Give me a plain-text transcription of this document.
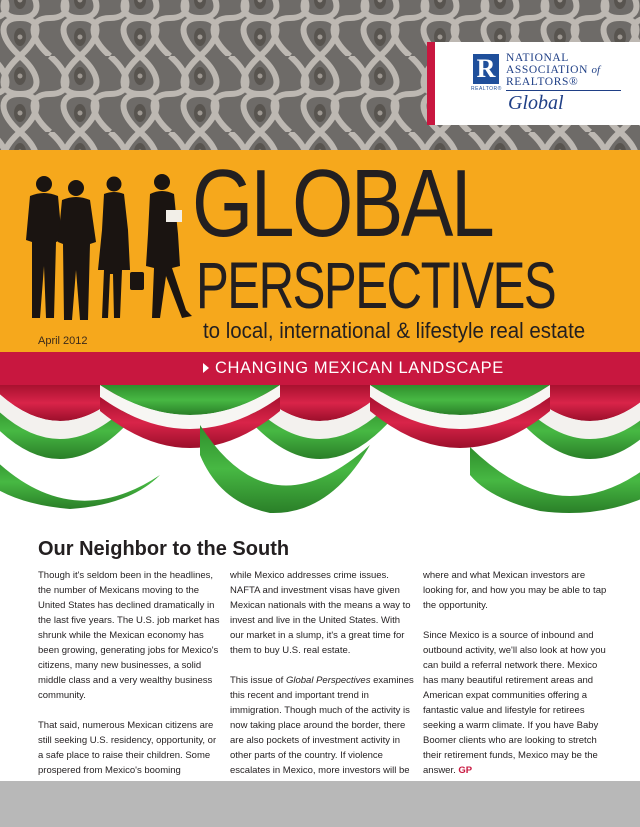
R
REALTOR®
NATIONAL
ASSOCIATION of
REALTORS®
Global
GLOBAL
PERSPECTIVES
to local, international & lifestyle real estate
April 2012
CHANGING MEXICAN LANDSCAPE
Our Neighbor to the South

Though it's seldom been in the headlines, the number of Mexicans moving to the United States has declined dramatically in the last five years. The U.S. job market has shrunk while the Mexican economy has been growing, generating jobs for Mexico's citizens, many new businesses, a solid middle class and a very wealthy business community.

That said, numerous Mexican citizens are still seeking U.S. residency, opportunity, or a safe place to raise their children. Some prospered from Mexico's booming

while Mexico addresses crime issues. NAFTA and investment visas have given Mexican nationals with the means a way to invest and live in the United States. With our market in a slump, it's a great time for them to buy U.S. real estate.

This issue of Global Perspectives examines this recent and important trend in immigration. Though much of the activity is now taking place around the border, there are also pockets of investment activity in other parts of the country. If violence escalates in Mexico, more investors will be

where and what Mexican investors are looking for, and how you may be able to tap the opportunity.

Since Mexico is a source of inbound and outbound activity, we'll also look at how you can build a referral network there. Mexico has many beautiful retirement areas and American expat communities offering a fantastic value and lifestyle for retirees seeking a warm climate. If you have Baby Boomer clients who are looking to stretch their retirement funds, Mexico may be the answer. GP
